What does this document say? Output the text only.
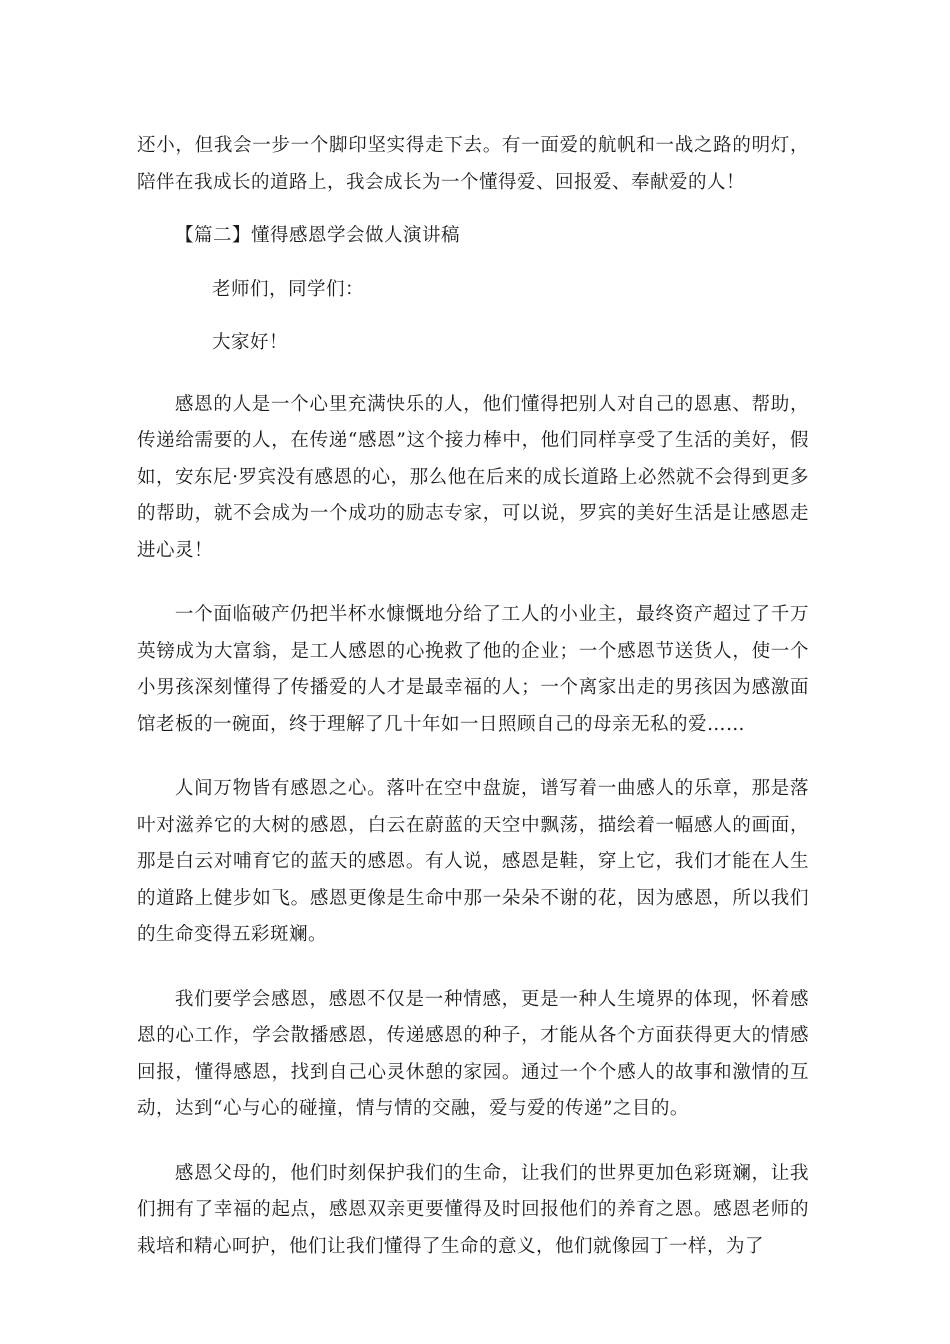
还小，但我会一步一个脚印坚实得走下去。有一面爱的航帆和一战之路的明灯，陪伴在我成长的道路上，我会成长为一个懂得爱、回报爱、奉献爱的人！

【篇二】懂得感恩学会做人演讲稿

老师们，同学们：

大家好！

感恩的人是一个心里充满快乐的人，他们懂得把别人对自己的恩惠、帮助，传递给需要的人，在传递“感恩”这个接力棒中，他们同样享受了生活的美好，假如，安东尼·罗宾没有感恩的心，那么他在后来的成长道路上必然就不会得到更多的帮助，就不会成为一个成功的励志专家，可以说，罗宾的美好生活是让感恩走进心灵！

一个面临破产仍把半杯水慷慨地分给了工人的小业主，最终资产超过了千万英镑成为大富翁，是工人感恩的心挽救了他的企业；一个感恩节送货人，使一个小男孩深刻懂得了传播爱的人才是最幸福的人；一个离家出走的男孩因为感激面馆老板的一碗面，终于理解了几十年如一日照顾自己的母亲无私的爱……

人间万物皆有感恩之心。落叶在空中盘旋，谱写着一曲感人的乐章，那是落叶对滋养它的大树的感恩，白云在蔚蓝的天空中飘荡，描绘着一幅感人的画面，那是白云对哺育它的蓝天的感恩。有人说，感恩是鞋，穿上它，我们才能在人生的道路上健步如飞。感恩更像是生命中那一朵朵不谢的花，因为感恩，所以我们的生命变得五彩斑斓。

我们要学会感恩，感恩不仅是一种情感，更是一种人生境界的体现，怀着感恩的心工作，学会散播感恩，传递感恩的种子，才能从各个方面获得更大的情感回报，懂得感恩，找到自己心灵休憩的家园。通过一个个感人的故事和激情的互动，达到“心与心的碰撞，情与情的交融，爱与爱的传递”之目的。

感恩父母的，他们时刻保护我们的生命，让我们的世界更加色彩斑斓，让我们拥有了幸福的起点，感恩双亲更要懂得及时回报他们的养育之恩。感恩老师的栽培和精心呵护，他们让我们懂得了生命的意义，他们就像园丁一样，为了
